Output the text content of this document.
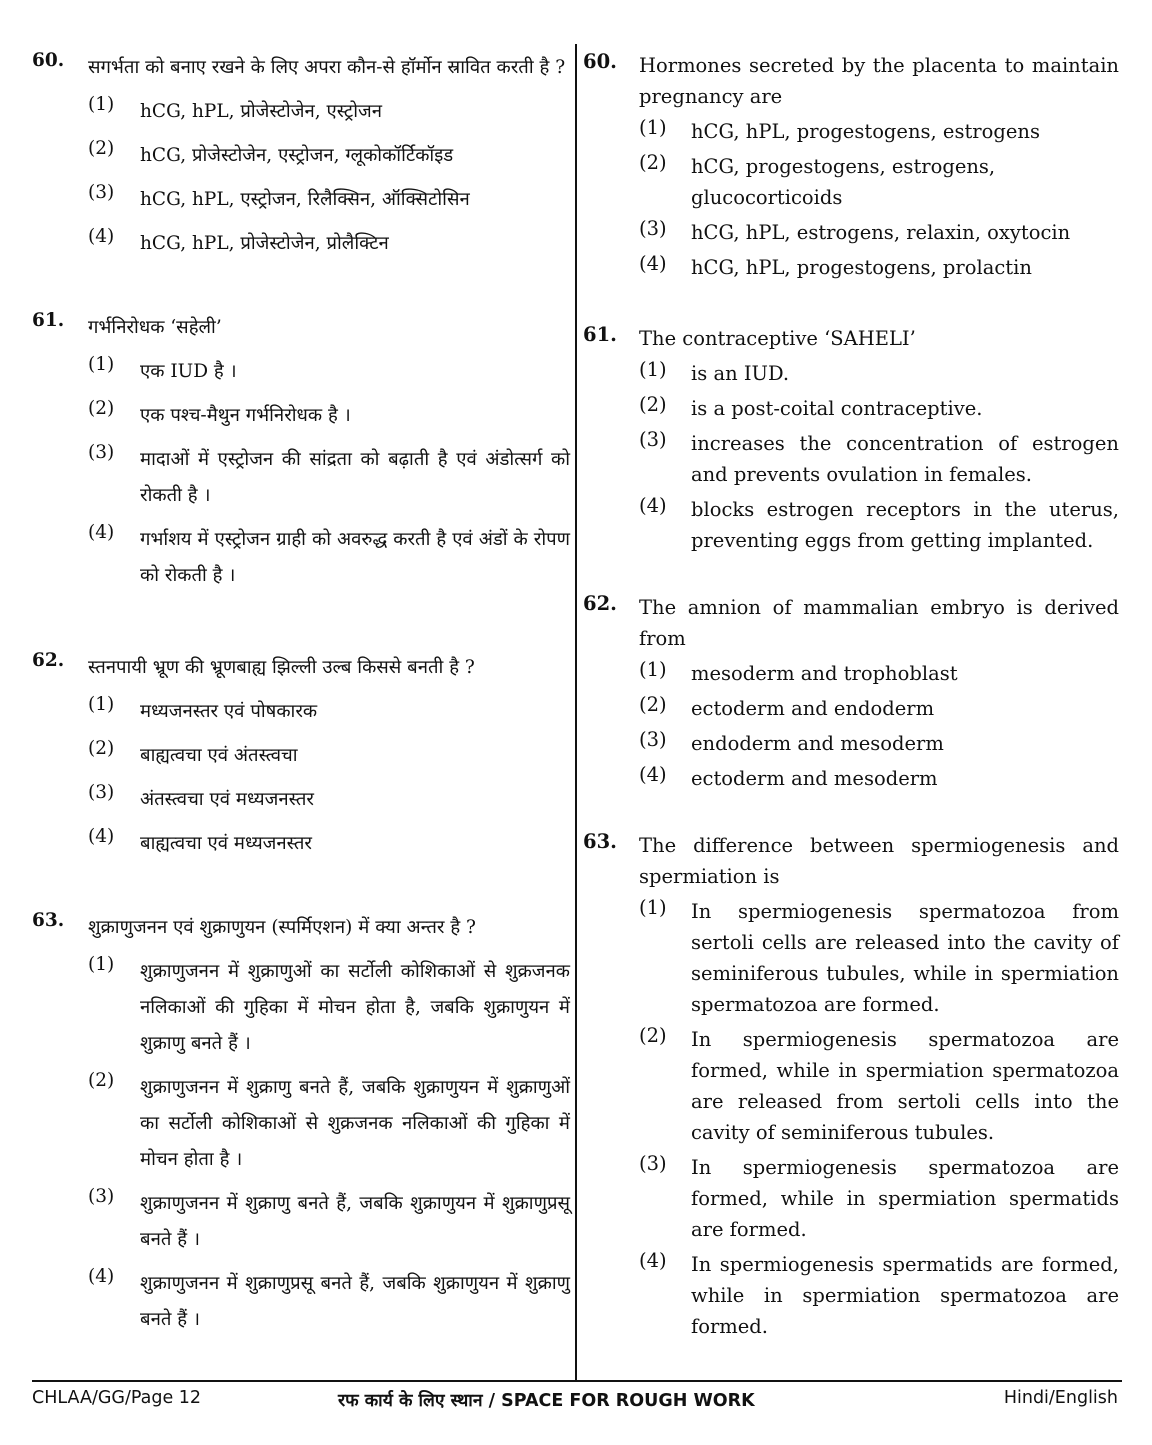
60.	सगर्भता को बनाए रखने के लिए अपरा कौन-से हॉर्मोन स्रावित करती है ?
(1)	hCG, hPL, प्रोजेस्टोजेन, एस्ट्रोजन
(2)	hCG, प्रोजेस्टोजेन, एस्ट्रोजन, ग्लूकोकॉर्टिकॉइड
(3)	hCG, hPL, एस्ट्रोजन, रिलैक्सिन, ऑक्सिटोसिन
(4)	hCG, hPL, प्रोजेस्टोजेन, प्रोलैक्टिन
61.	गर्भनिरोधक ‘सहेली’
(1)	एक IUD है ।
(2)	एक पश्च-मैथुन गर्भनिरोधक है ।
(3)	मादाओं में एस्ट्रोजन की सांद्रता को बढ़ाती है एवं अंडोत्सर्ग को रोकती है ।
(4)	गर्भाशय में एस्ट्रोजन ग्राही को अवरुद्ध करती है एवं अंडों के रोपण को रोकती है ।
62.	स्तनपायी भ्रूण की भ्रूणबाह्य झिल्ली उल्ब किससे बनती है ?
(1)	मध्यजनस्तर एवं पोषकारक
(2)	बाह्यत्वचा एवं अंतस्त्वचा
(3)	अंतस्त्वचा एवं मध्यजनस्तर
(4)	बाह्यत्वचा एवं मध्यजनस्तर
63.	शुक्राणुजनन एवं शुक्राणुयन (स्पर्मिएशन) में क्या अन्तर है ?
(1)	शुक्राणुजनन में शुक्राणुओं का सर्टोली कोशिकाओं से शुक्रजनक नलिकाओं की गुहिका में मोचन होता है, जबकि शुक्राणुयन में शुक्राणु बनते हैं ।
(2)	शुक्राणुजनन में शुक्राणु बनते हैं, जबकि शुक्राणुयन में शुक्राणुओं का सर्टोली कोशिकाओं से शुक्रजनक नलिकाओं की गुहिका में मोचन होता है ।
(3)	शुक्राणुजनन में शुक्राणु बनते हैं, जबकि शुक्राणुयन में शुक्राणुप्रसू बनते हैं ।
(4)	शुक्राणुजनन में शुक्राणुप्रसू बनते हैं, जबकि शुक्राणुयन में शुक्राणु बनते हैं ।
60.	Hormones secreted by the placenta to maintain pregnancy are
(1)	hCG, hPL, progestogens, estrogens
(2)	hCG, progestogens, estrogens, glucocorticoids
(3)	hCG, hPL, estrogens, relaxin, oxytocin
(4)	hCG, hPL, progestogens, prolactin
61.	The contraceptive ‘SAHELI’
(1)	is an IUD.
(2)	is a post-coital contraceptive.
(3)	increases the concentration of estrogen and prevents ovulation in females.
(4)	blocks estrogen receptors in the uterus, preventing eggs from getting implanted.
62.	The amnion of mammalian embryo is derived from
(1)	mesoderm and trophoblast
(2)	ectoderm and endoderm
(3)	endoderm and mesoderm
(4)	ectoderm and mesoderm
63.	The difference between spermiogenesis and spermiation is
(1)	In spermiogenesis spermatozoa from sertoli cells are released into the cavity of seminiferous tubules, while in spermiation spermatozoa are formed.
(2)	In spermiogenesis spermatozoa are formed, while in spermiation spermatozoa are released from sertoli cells into the cavity of seminiferous tubules.
(3)	In spermiogenesis spermatozoa are formed, while in spermiation spermatids are formed.
(4)	In spermiogenesis spermatids are formed, while in spermiation spermatozoa are formed.
CHLAA/GG/Page 12	रफ कार्य के लिए स्थान / SPACE FOR ROUGH WORK	Hindi/English
